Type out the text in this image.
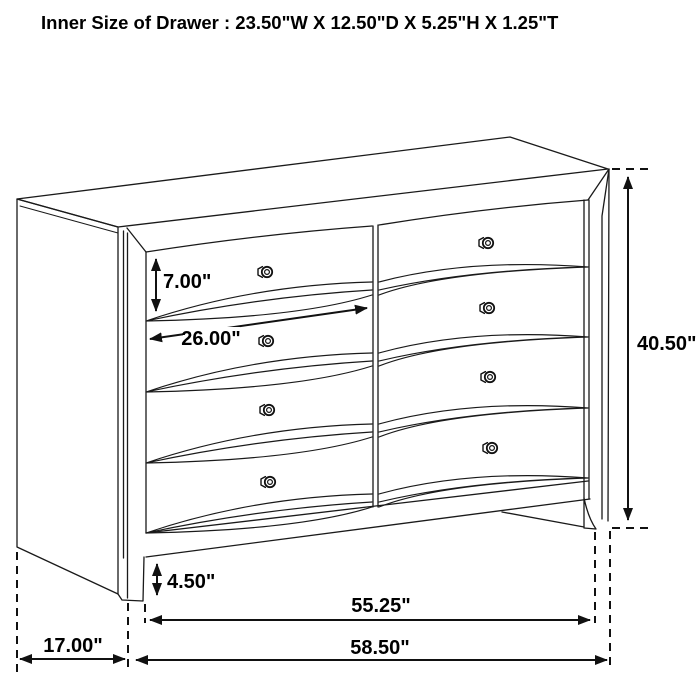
Inner Size of Drawer : 23.50"W X 12.50"D X 5.25"H X 1.25"T
7.00"
26.00"	40.50"
4.50"
55.25"
58.50"
17.00"
